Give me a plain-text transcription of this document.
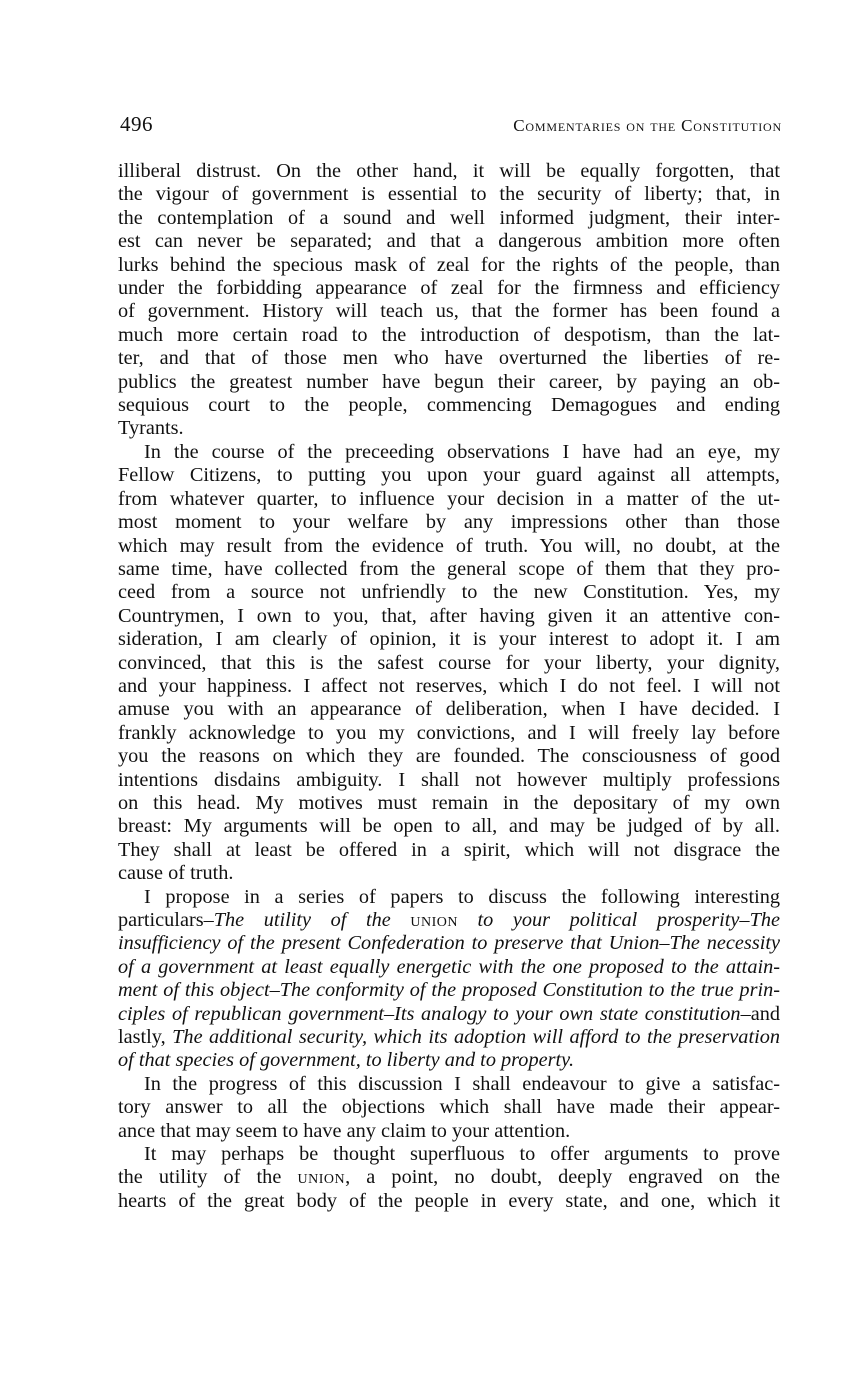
496	Commentaries on the Constitution
illiberal distrust. On the other hand, it will be equally forgotten, that
the vigour of government is essential to the security of liberty; that, in
the contemplation of a sound and well informed judgment, their inter-
est can never be separated; and that a dangerous ambition more often
lurks behind the specious mask of zeal for the rights of the people, than
under the forbidding appearance of zeal for the firmness and efficiency
of government. History will teach us, that the former has been found a
much more certain road to the introduction of despotism, than the lat-
ter, and that of those men who have overturned the liberties of re-
publics the greatest number have begun their career, by paying an ob-
sequious court to the people, commencing Demagogues and ending
Tyrants.
In the course of the preceeding observations I have had an eye, my
Fellow Citizens, to putting you upon your guard against all attempts,
from whatever quarter, to influence your decision in a matter of the ut-
most moment to your welfare by any impressions other than those
which may result from the evidence of truth. You will, no doubt, at the
same time, have collected from the general scope of them that they pro-
ceed from a source not unfriendly to the new Constitution. Yes, my
Countrymen, I own to you, that, after having given it an attentive con-
sideration, I am clearly of opinion, it is your interest to adopt it. I am
convinced, that this is the safest course for your liberty, your dignity,
and your happiness. I affect not reserves, which I do not feel. I will not
amuse you with an appearance of deliberation, when I have decided. I
frankly acknowledge to you my convictions, and I will freely lay before
you the reasons on which they are founded. The consciousness of good
intentions disdains ambiguity. I shall not however multiply professions
on this head. My motives must remain in the depositary of my own
breast: My arguments will be open to all, and may be judged of by all.
They shall at least be offered in a spirit, which will not disgrace the
cause of truth.
I propose in a series of papers to discuss the following interesting
particulars–The utility of the union to your political prosperity–The
insufficiency of the present Confederation to preserve that Union–The necessity
of a government at least equally energetic with the one proposed to the attain-
ment of this object–The conformity of the proposed Constitution to the true prin-
ciples of republican government–Its analogy to your own state constitution–and
lastly, The additional security, which its adoption will afford to the preservation
of that species of government, to liberty and to property.
In the progress of this discussion I shall endeavour to give a satisfac-
tory answer to all the objections which shall have made their appear-
ance that may seem to have any claim to your attention.
It may perhaps be thought superfluous to offer arguments to prove
the utility of the union, a point, no doubt, deeply engraved on the
hearts of the great body of the people in every state, and one, which it
